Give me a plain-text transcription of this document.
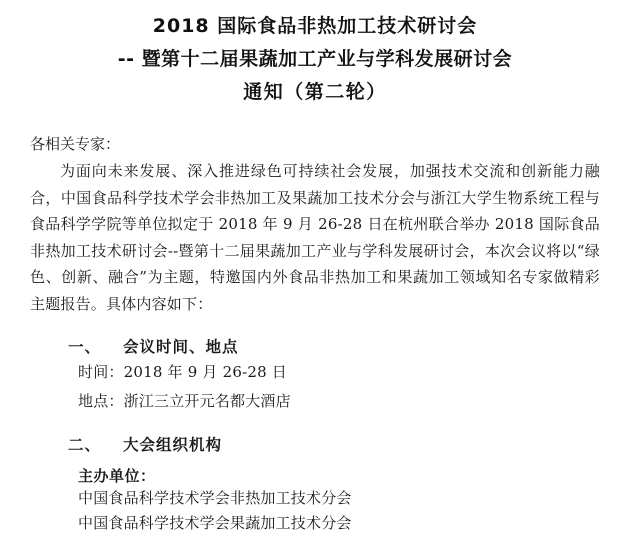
2018 国际食品非热加工技术研讨会
-- 暨第十二届果蔬加工产业与学科发展研讨会
通知（第二轮）
各相关专家：
为面向未来发展、深入推进绿色可持续社会发展，加强技术交流和创新能力融合，中国食品科学技术学会非热加工及果蔬加工技术分会与浙江大学生物系统工程与食品科学学院等单位拟定于 2018 年 9 月 26-28 日在杭州联合举办 2018 国际食品非热加工技术研讨会--暨第十二届果蔬加工产业与学科发展研讨会，本次会议将以“绿色、创新、融合”为主题，特邀国内外食品非热加工和果蔬加工领域知名专家做精彩主题报告。具体内容如下：
一、 会议时间、地点
时间：2018 年 9 月 26-28 日
地点：浙江三立开元名都大酒店
二、 大会组织机构
主办单位：
中国食品科学技术学会非热加工技术分会
中国食品科学技术学会果蔬加工技术分会
